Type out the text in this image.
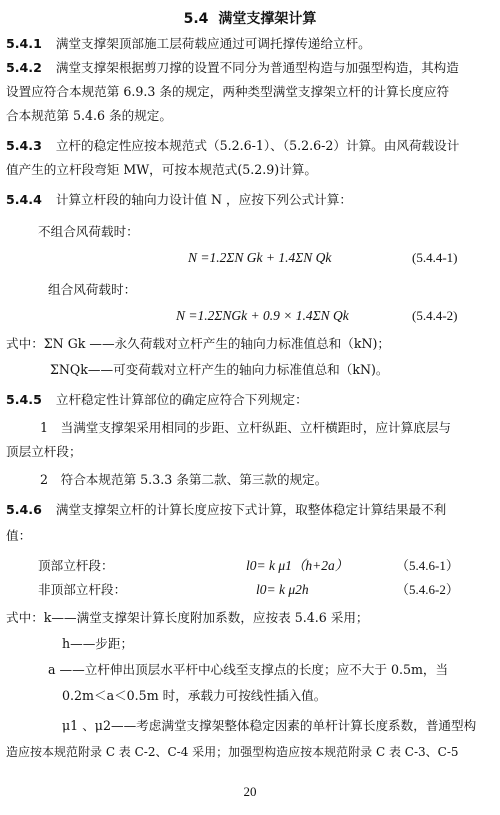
5.4 满堂支撑架计算
5.4.1 满堂支撑架顶部施工层荷载应通过可调托撑传递给立杆。
5.4.2 满堂支撑架根据剪刀撑的设置不同分为普通型构造与加强型构造，其构造
设置应符合本规范第 6.9.3 条的规定，两种类型满堂支撑架立杆的计算长度应符
合本规范第 5.4.6 条的规定。
5.4.3 立杆的稳定性应按本规范式（5.2.6-1）、（5.2.6-2）计算。由风荷载设计
值产生的立杆段弯矩 MW，可按本规范式(5.2.9)计算。
5.4.4 计算立杆段的轴向力设计值 N ，应按下列公式计算：
不组合风荷载时：
N =1.2ΣN Gk + 1.4ΣN Qk	(5.4.4-1)
组合风荷载时：
N =1.2ΣNGk + 0.9 × 1.4ΣN Qk	(5.4.4-2)
式中：ΣN Gk ——永久荷载对立杆产生的轴向力标准值总和（kN)；
ΣNQk——可变荷载对立杆产生的轴向力标准值总和（kN)。
5.4.5 立杆稳定性计算部位的确定应符合下列规定：
1　当满堂支撑架采用相同的步距、立杆纵距、立杆横距时，应计算底层与
顶层立杆段；
2　符合本规范第 5.3.3 条第二款、第三款的规定。
5.4.6 满堂支撑架立杆的计算长度应按下式计算，取整体稳定计算结果最不利
值：
顶部立杆段：	l0= k μ1（h+2a）	（5.4.6-1）
非顶部立杆段：	l0= k μ2h	（5.4.6-2）
式中：k——满堂支撑架计算长度附加系数，应按表 5.4.6 采用；
h——步距；
a ——立杆伸出顶层水平杆中心线至支撑点的长度；应不大于 0.5m，当
0.2m＜a＜0.5m 时，承载力可按线性插入值。
μ1 、μ2——考虑满堂支撑架整体稳定因素的单杆计算长度系数，普通型构
造应按本规范附录 C 表 C-2、C-4 采用；加强型构造应按本规范附录 C 表 C-3、C-5
20
